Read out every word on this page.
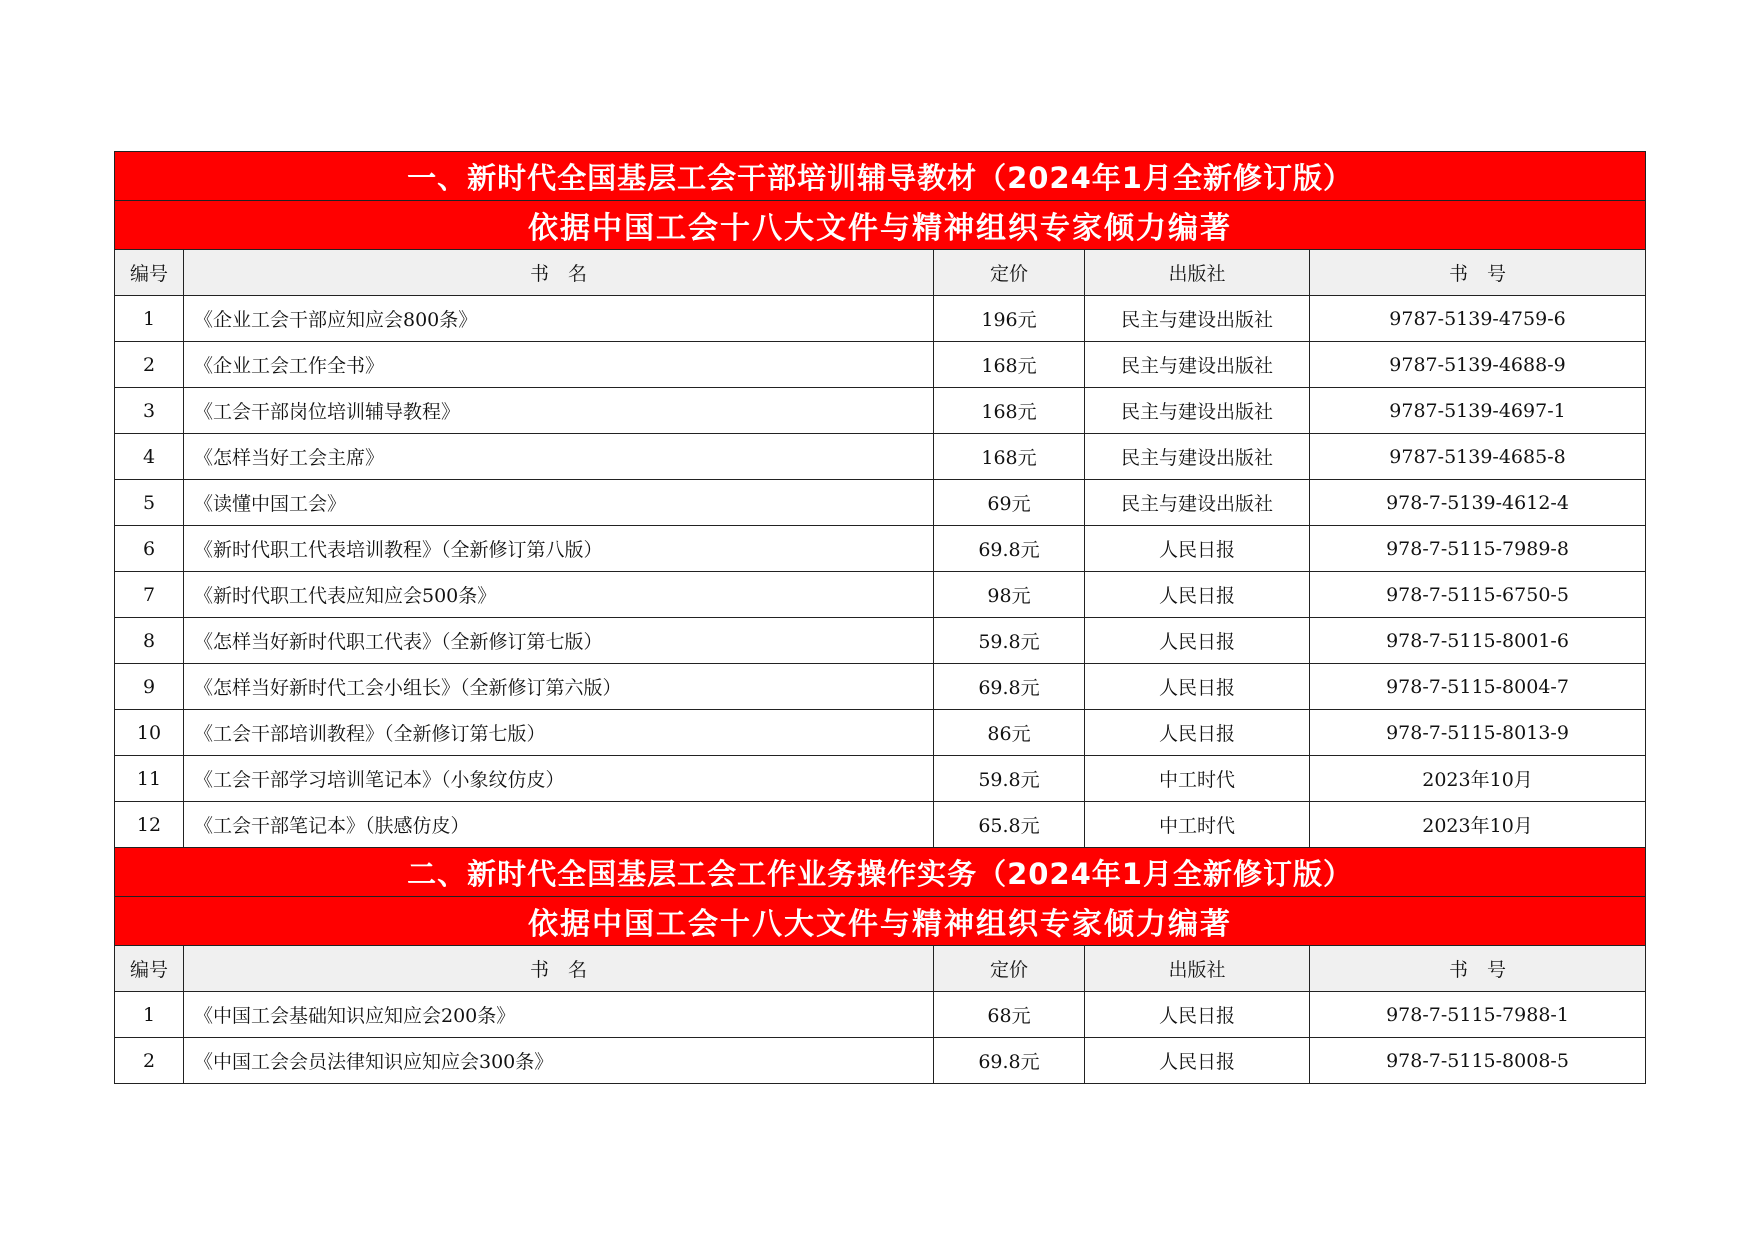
一、新时代全国基层工会干部培训辅导教材（2024年1月全新修订版）				
依据中国工会十八大文件与精神组织专家倾力编著				
编号	书　名	定价	出版社	书　号
1	《企业工会干部应知应会800条》	196元	民主与建设出版社	9787-5139-4759-6
2	《企业工会工作全书》	168元	民主与建设出版社	9787-5139-4688-9
3	《工会干部岗位培训辅导教程》	168元	民主与建设出版社	9787-5139-4697-1
4	《怎样当好工会主席》	168元	民主与建设出版社	9787-5139-4685-8
5	《读懂中国工会》	69元	民主与建设出版社	978-7-5139-4612-4
6	《新时代职工代表培训教程》（全新修订第八版）	69.8元	人民日报	978-7-5115-7989-8
7	《新时代职工代表应知应会500条》	98元	人民日报	978-7-5115-6750-5
8	《怎样当好新时代职工代表》（全新修订第七版）	59.8元	人民日报	978-7-5115-8001-6
9	《怎样当好新时代工会小组长》（全新修订第六版）	69.8元	人民日报	978-7-5115-8004-7
10	《工会干部培训教程》（全新修订第七版）	86元	人民日报	978-7-5115-8013-9
11	《工会干部学习培训笔记本》（小象纹仿皮）	59.8元	中工时代	2023年10月
12	《工会干部笔记本》（肤感仿皮）	65.8元	中工时代	2023年10月
二、新时代全国基层工会工作业务操作实务（2024年1月全新修订版）				
依据中国工会十八大文件与精神组织专家倾力编著				
编号	书　名	定价	出版社	书　号
1	《中国工会基础知识应知应会200条》	68元	人民日报	978-7-5115-7988-1
2	《中国工会会员法律知识应知应会300条》	69.8元	人民日报	978-7-5115-8008-5
